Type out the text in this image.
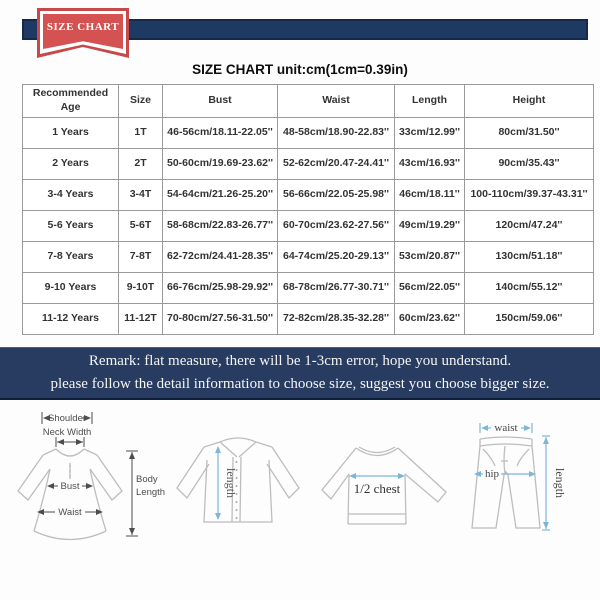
SIZE CHART
SIZE CHART unit:cm(1cm=0.39in)
Recommended Age	Size	Bust	Waist	Length	Height
1 Years	1T	46-56cm/18.11-22.05''	48-58cm/18.90-22.83''	33cm/12.99''	80cm/31.50''
2 Years	2T	50-60cm/19.69-23.62''	52-62cm/20.47-24.41''	43cm/16.93''	90cm/35.43''
3-4 Years	3-4T	54-64cm/21.26-25.20''	56-66cm/22.05-25.98''	46cm/18.11''	100-110cm/39.37-43.31''
5-6 Years	5-6T	58-68cm/22.83-26.77''	60-70cm/23.62-27.56''	49cm/19.29''	120cm/47.24''
7-8 Years	7-8T	62-72cm/24.41-28.35''	64-74cm/25.20-29.13''	53cm/20.87''	130cm/51.18''
9-10 Years	9-10T	66-76cm/25.98-29.92''	68-78cm/26.77-30.71''	56cm/22.05''	140cm/55.12''
11-12 Years	11-12T	70-80cm/27.56-31.50''	72-82cm/28.35-32.28''	60cm/23.62''	150cm/59.06''
Remark: flat measure, there will be 1-3cm error, hope you understand.
please follow the detail information to choose size, suggest you choose bigger size.
Shoulder
Neck Width
Bust
Waist
Body
Length	length	1/2 chest
waist
hip	length
